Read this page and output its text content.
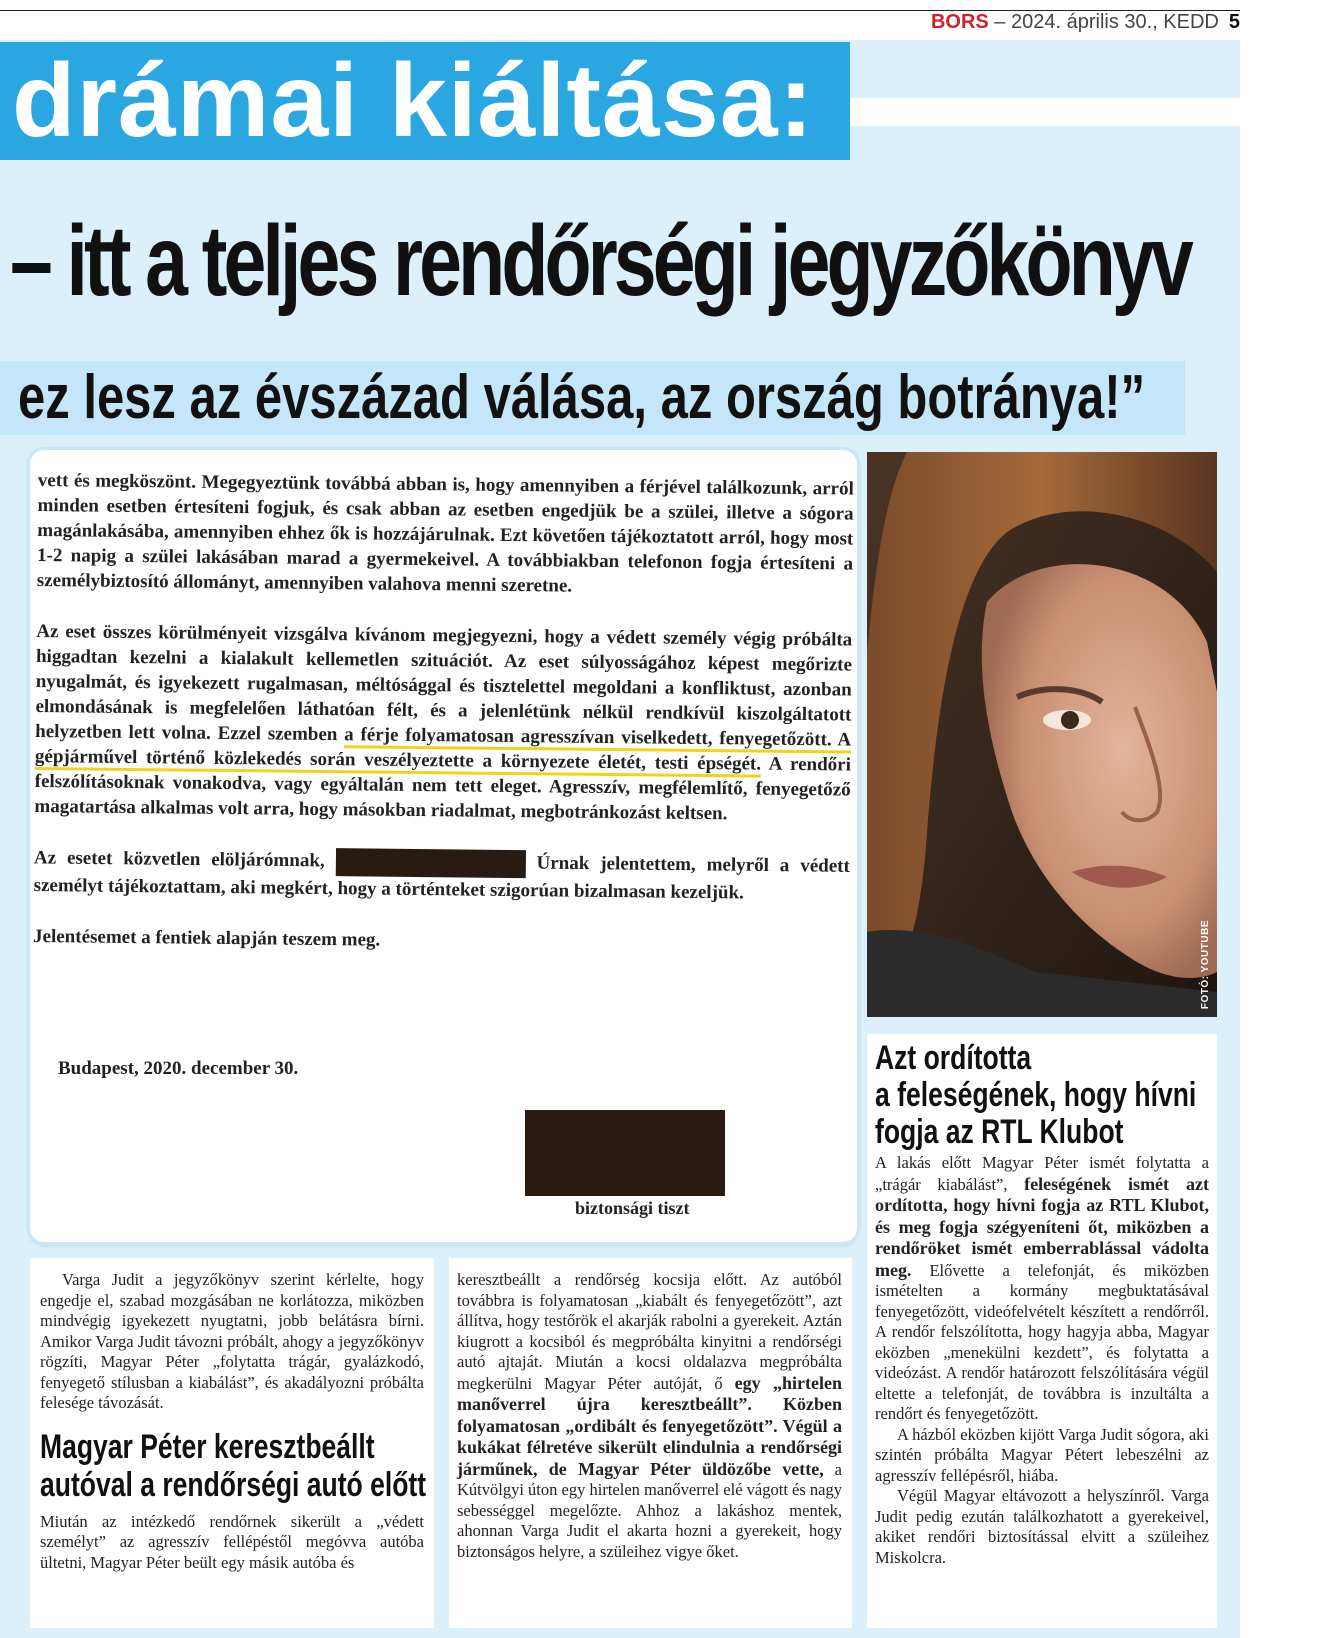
BORS – 2024. április 30., KEDD 5
drámai kiáltása:
– itt a teljes rendőrségi jegyzőkönyv
ez lesz az évszázad válása, az ország botránya!”

vett és megköszönt. Megegyeztünk továbbá abban is, hogy amennyiben a férjével találkozunk, arról minden esetben értesíteni fogjuk, és csak abban az esetben engedjük be a szülei, illetve a sógora magánlakásába, amennyiben ehhez ők is hozzájárulnak. Ezt követően tájékoztatott arról, hogy most 1-2 napig a szülei lakásában marad a gyermekeivel. A továbbiakban telefonon fogja értesíteni a személybiztosító állományt, amennyiben valahova menni szeretne.

Az eset összes körülményeit vizsgálva kívánom megjegyezni, hogy a védett személy végig próbálta higgadtan kezelni a kialakult kellemetlen szituációt. Az eset súlyosságához képest megőrizte nyugalmát, és igyekezett rugalmasan, méltósággal és tisztelettel megoldani a konfliktust, azonban elmondásának is megfelelően láthatóan félt, és a jelenlétünk nélkül rendkívül kiszolgáltatott helyzetben lett volna. Ezzel szemben a férje folyamatosan agresszívan viselkedett, fenyegetőzött. A gépjárművel történő közlekedés során veszélyeztette a környezete életét, testi épségét. A rendőri felszólításoknak vonakodva, vagy egyáltalán nem tett eleget. Agresszív, megfélemlítő, fenyegetőző magatartása alkalmas volt arra, hogy másokban riadalmat, megbotránkozást keltsen.

Az esetet közvetlen elöljárómnak,	Úrnak jelentettem, melyről a védett személyt tájékoztattam, aki megkért, hogy a történteket szigorúan bizalmasan kezeljük.

Jelentésemet a fentiek alapján teszem meg.

Budapest, 2020. december 30.
biztonsági tiszt
FOTÓ: YOUTUBE

Varga Judit a jegyzőkönyv szerint kérlelte, hogy engedje el, szabad mozgásában ne korlátozza, miközben mindvégig igyekezett nyugtatni, jobb belátásra bírni. Amikor Varga Judit távozni próbált, ahogy a jegyzőkönyv rögzíti, Magyar Péter „folytatta trágár, gyalázkodó, fenyegető stílusban a kiabálást”, és akadályozni próbálta felesége távozását.

Magyar Péter keresztbeállt
autóval a rendőrségi autó előtt

Miután az intézkedő rendőrnek sikerült a „védett személyt” az agresszív fellépéstől megóvva autóba ültetni, Magyar Péter beült egy másik autóba és

keresztbeállt a rendőrség kocsija előtt. Az autóból továbbra is folyamatosan „kiabált és fenyegetőzött”, azt állítva, hogy testőrök el akarják rabolni a gyerekeit. Aztán kiugrott a kocsiból és megpróbálta kinyitni a rendőrségi autó ajtaját. Miután a kocsi oldalazva megpróbálta megkerülni Magyar Péter autóját, ő egy „hirtelen manőverrel újra keresztbeállt”. Közben folyamatosan „ordibált és fenyegetőzött”. Végül a kukákat félretéve sikerült elindulnia a rendőrségi járműnek, de Magyar Péter üldözőbe vette, a Kútvölgyi úton egy hirtelen manőverrel elé vágott és nagy sebességgel megelőzte. Ahhoz a lakáshoz mentek, ahonnan Varga Judit el akarta hozni a gyerekeit, hogy biztonságos helyre, a szüleihez vigye őket.

Azt ordította
a feleségének, hogy hívni
fogja az RTL Klubot

A lakás előtt Magyar Péter ismét folytatta a „trágár kiabálást”, feleségének ismét azt ordította, hogy hívni fogja az RTL Klubot, és meg fogja szégyeníteni őt, miközben a rendőröket ismét emberrablással vádolta meg. Elővette a telefonját, és miközben ismételten a kormány megbuktatásával fenyegetőzött, videófelvételt készített a rendőrről. A rendőr felszólította, hogy hagyja abba, Magyar eközben „menekülni kezdett”, és folytatta a videózást. A rendőr határozott felszólítására végül eltette a telefonját, de továbbra is inzultálta a rendőrt és fenyegetőzött.

A házból eközben kijött Varga Judit sógora, aki szintén próbálta Magyar Pétert lebeszélni az agresszív fellépésről, hiába.

Végül Magyar eltávozott a helyszínről. Varga Judit pedig ezután találkozhatott a gyerekeivel, akiket rendőri biztosítással elvitt a szüleihez Miskolcra.
